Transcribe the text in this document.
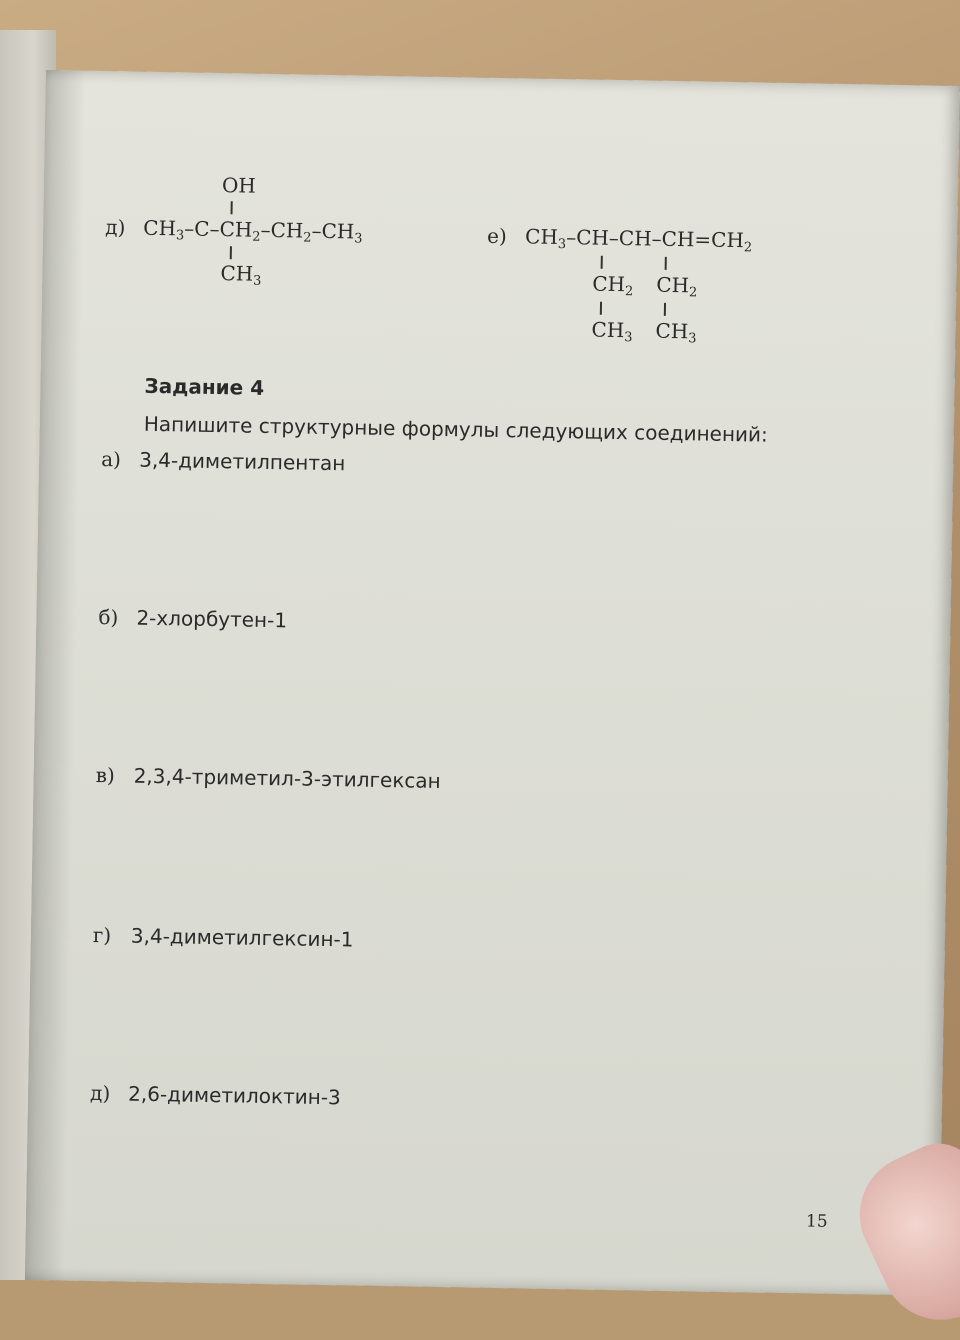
OH
д) $CH_3-C-CH_2-CH_2-CH_3$
$CH_3$
е) $CH_3-CH-CH-CH=CH_2$
$CH_2$ $CH_2$
$CH_3$ $CH_3$
Задание 4
Напишите структурные формулы следующих соединений:
а) 3,4-диметилпентан
б) 2-хлорбутен-1
в) 2,3,4-триметил-3-этилгексан
г) 3,4-диметилгексин-1
д) 2,6-диметилоктин-3
15
